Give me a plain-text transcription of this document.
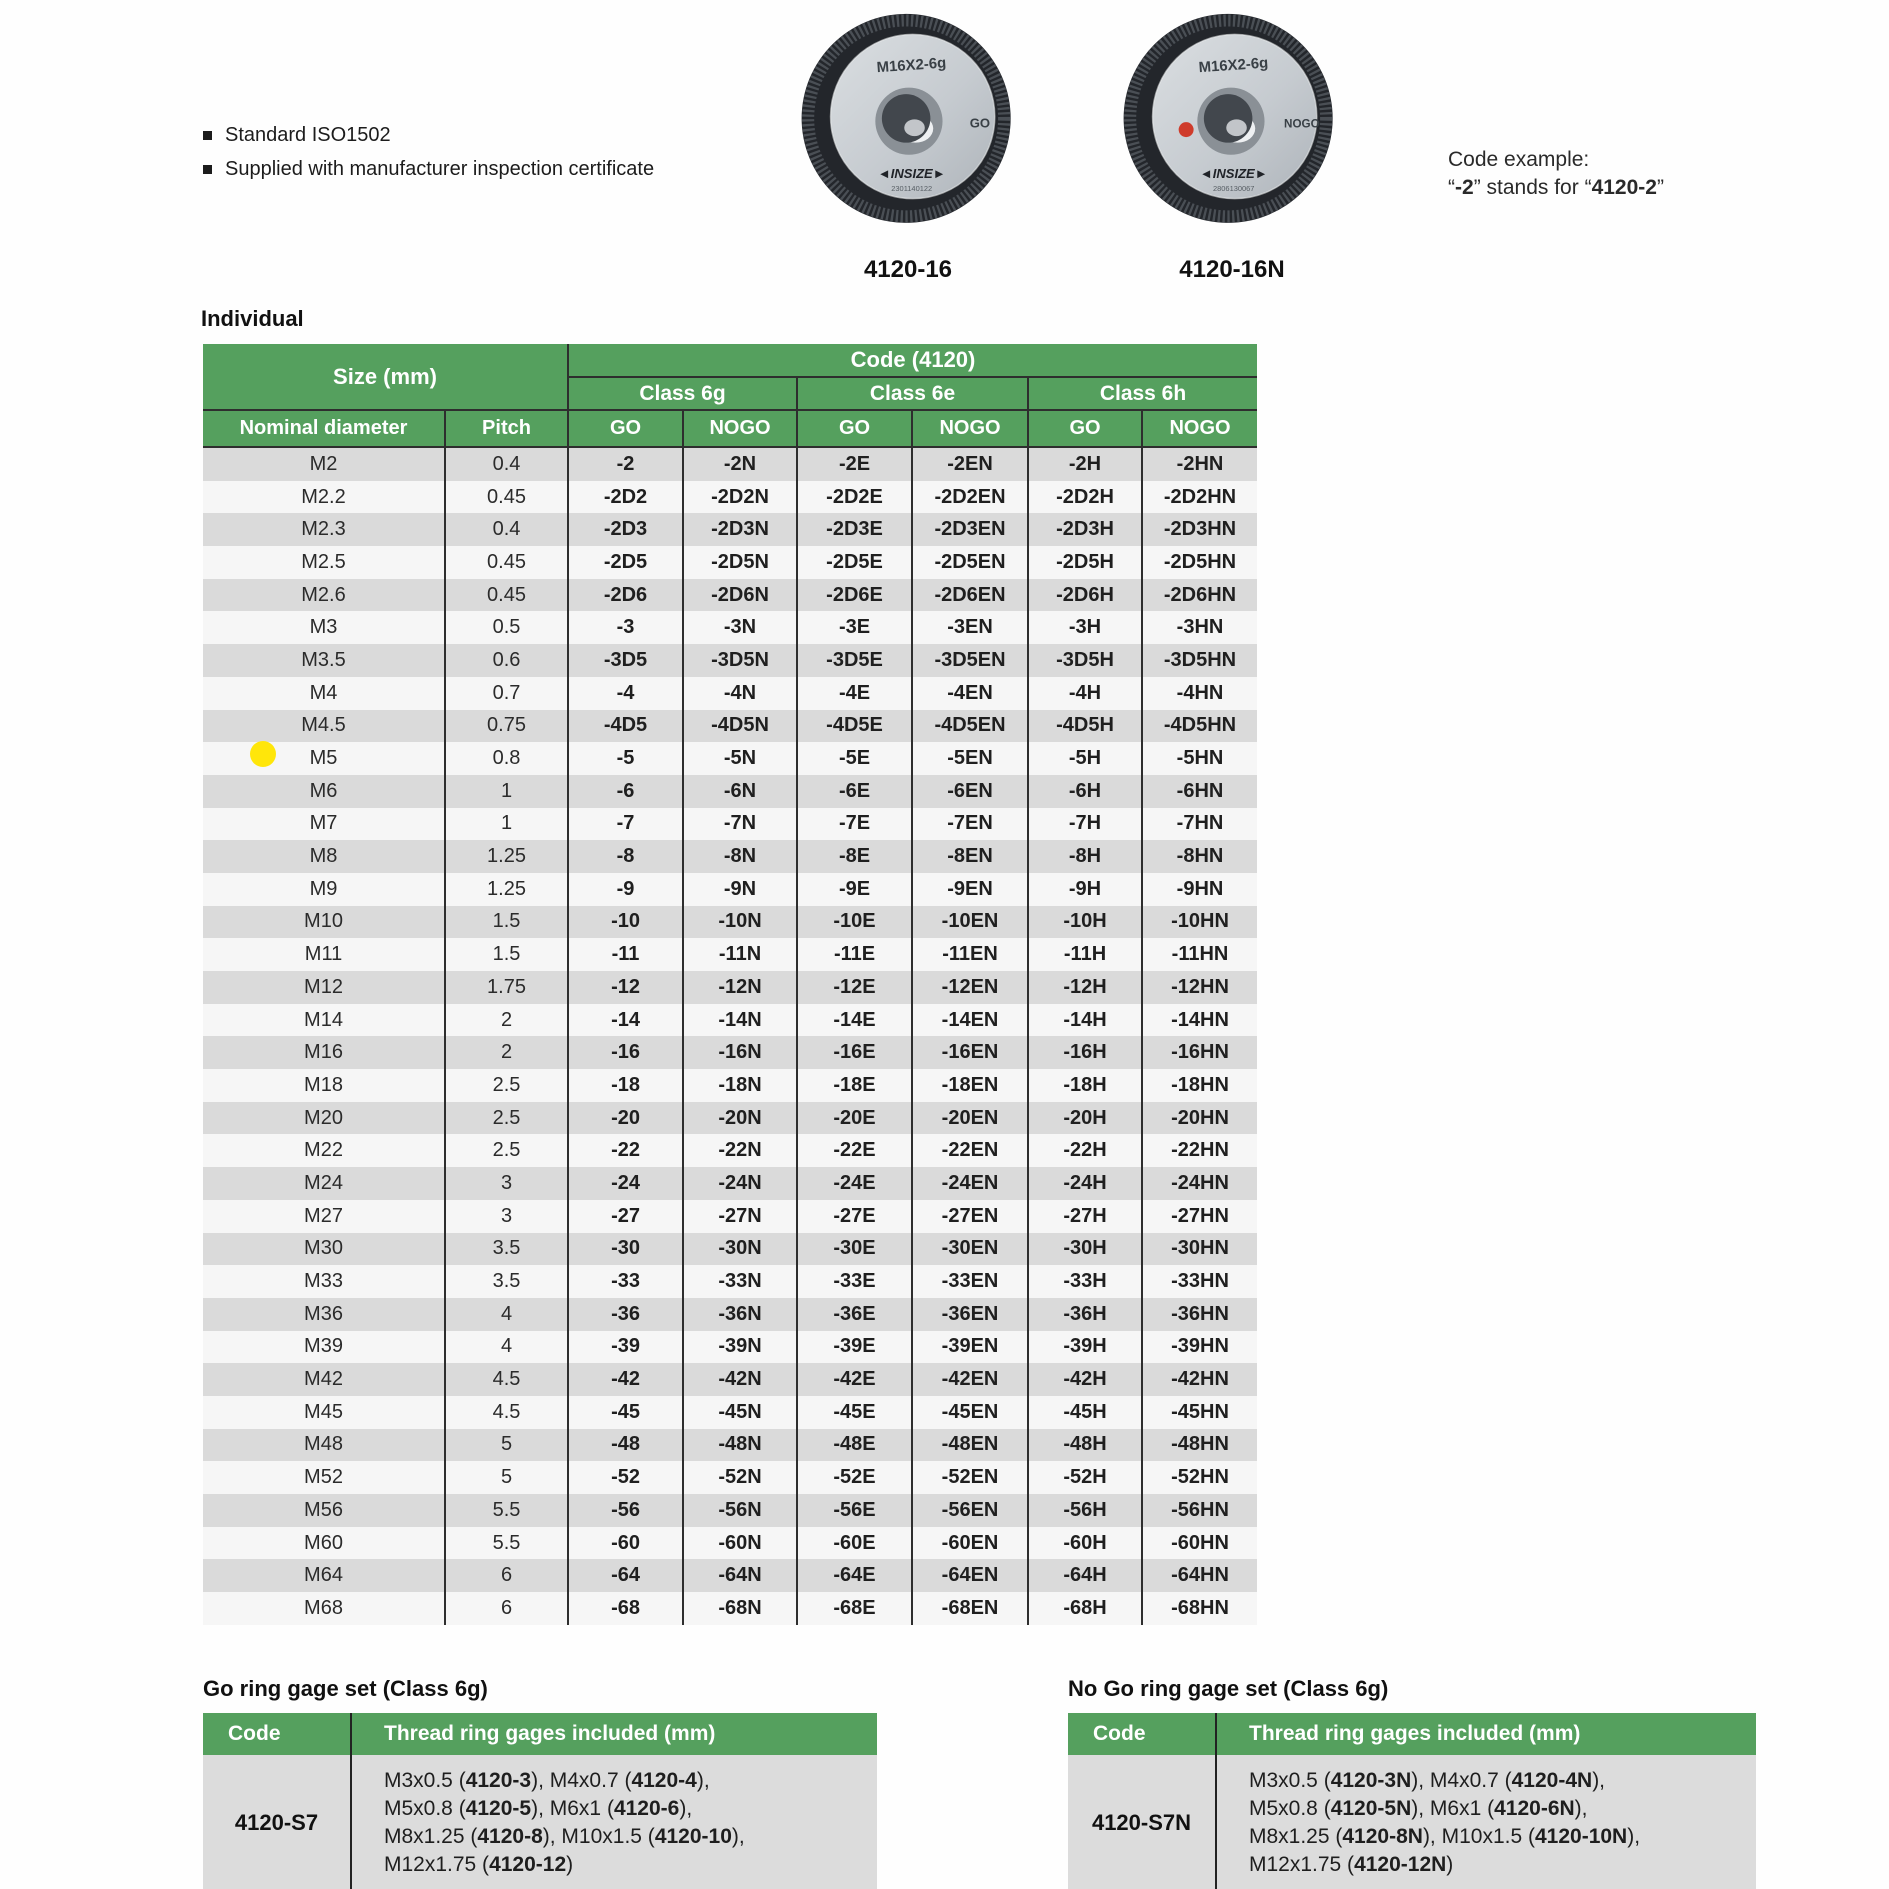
Standard ISO1502
Supplied with manufacturer inspection certificate
M16X2-6g
GO
◄INSIZE►
2301140122
M16X2-6g
NOGO
◄INSIZE►
2806130067
4120-16	4120-16N
Code example:
“-2” stands for “4120-2”
Individual
Size (mm)		Code (4120)					
		Class 6g		Class 6e		Class 6h	
Nominal diameter	Pitch	GO	NOGO	GO	NOGO	GO	NOGO
M2	0.4	-2	-2N	-2E	-2EN	-2H	-2HN
M2.2	0.45	-2D2	-2D2N	-2D2E	-2D2EN	-2D2H	-2D2HN
M2.3	0.4	-2D3	-2D3N	-2D3E	-2D3EN	-2D3H	-2D3HN
M2.5	0.45	-2D5	-2D5N	-2D5E	-2D5EN	-2D5H	-2D5HN
M2.6	0.45	-2D6	-2D6N	-2D6E	-2D6EN	-2D6H	-2D6HN
M3	0.5	-3	-3N	-3E	-3EN	-3H	-3HN
M3.5	0.6	-3D5	-3D5N	-3D5E	-3D5EN	-3D5H	-3D5HN
M4	0.7	-4	-4N	-4E	-4EN	-4H	-4HN
M4.5	0.75	-4D5	-4D5N	-4D5E	-4D5EN	-4D5H	-4D5HN
M5	0.8	-5	-5N	-5E	-5EN	-5H	-5HN
M6	1	-6	-6N	-6E	-6EN	-6H	-6HN
M7	1	-7	-7N	-7E	-7EN	-7H	-7HN
M8	1.25	-8	-8N	-8E	-8EN	-8H	-8HN
M9	1.25	-9	-9N	-9E	-9EN	-9H	-9HN
M10	1.5	-10	-10N	-10E	-10EN	-10H	-10HN
M11	1.5	-11	-11N	-11E	-11EN	-11H	-11HN
M12	1.75	-12	-12N	-12E	-12EN	-12H	-12HN
M14	2	-14	-14N	-14E	-14EN	-14H	-14HN
M16	2	-16	-16N	-16E	-16EN	-16H	-16HN
M18	2.5	-18	-18N	-18E	-18EN	-18H	-18HN
M20	2.5	-20	-20N	-20E	-20EN	-20H	-20HN
M22	2.5	-22	-22N	-22E	-22EN	-22H	-22HN
M24	3	-24	-24N	-24E	-24EN	-24H	-24HN
M27	3	-27	-27N	-27E	-27EN	-27H	-27HN
M30	3.5	-30	-30N	-30E	-30EN	-30H	-30HN
M33	3.5	-33	-33N	-33E	-33EN	-33H	-33HN
M36	4	-36	-36N	-36E	-36EN	-36H	-36HN
M39	4	-39	-39N	-39E	-39EN	-39H	-39HN
M42	4.5	-42	-42N	-42E	-42EN	-42H	-42HN
M45	4.5	-45	-45N	-45E	-45EN	-45H	-45HN
M48	5	-48	-48N	-48E	-48EN	-48H	-48HN
M52	5	-52	-52N	-52E	-52EN	-52H	-52HN
M56	5.5	-56	-56N	-56E	-56EN	-56H	-56HN
M60	5.5	-60	-60N	-60E	-60EN	-60H	-60HN
M64	6	-64	-64N	-64E	-64EN	-64H	-64HN
M68	6	-68	-68N	-68E	-68EN	-68H	-68HN
Go ring gage set (Class 6g)
Code	Thread ring gages included (mm)
4120-S7
M3x0.5 (4120-3), M4x0.7 (4120-4),
M5x0.8 (4120-5), M6x1 (4120-6),
M8x1.25 (4120-8), M10x1.5 (4120-10),
M12x1.75 (4120-12)
No Go ring gage set (Class 6g)
Code	Thread ring gages included (mm)
4120-S7N
M3x0.5 (4120-3N), M4x0.7 (4120-4N),
M5x0.8 (4120-5N), M6x1 (4120-6N),
M8x1.25 (4120-8N), M10x1.5 (4120-10N),
M12x1.75 (4120-12N)
